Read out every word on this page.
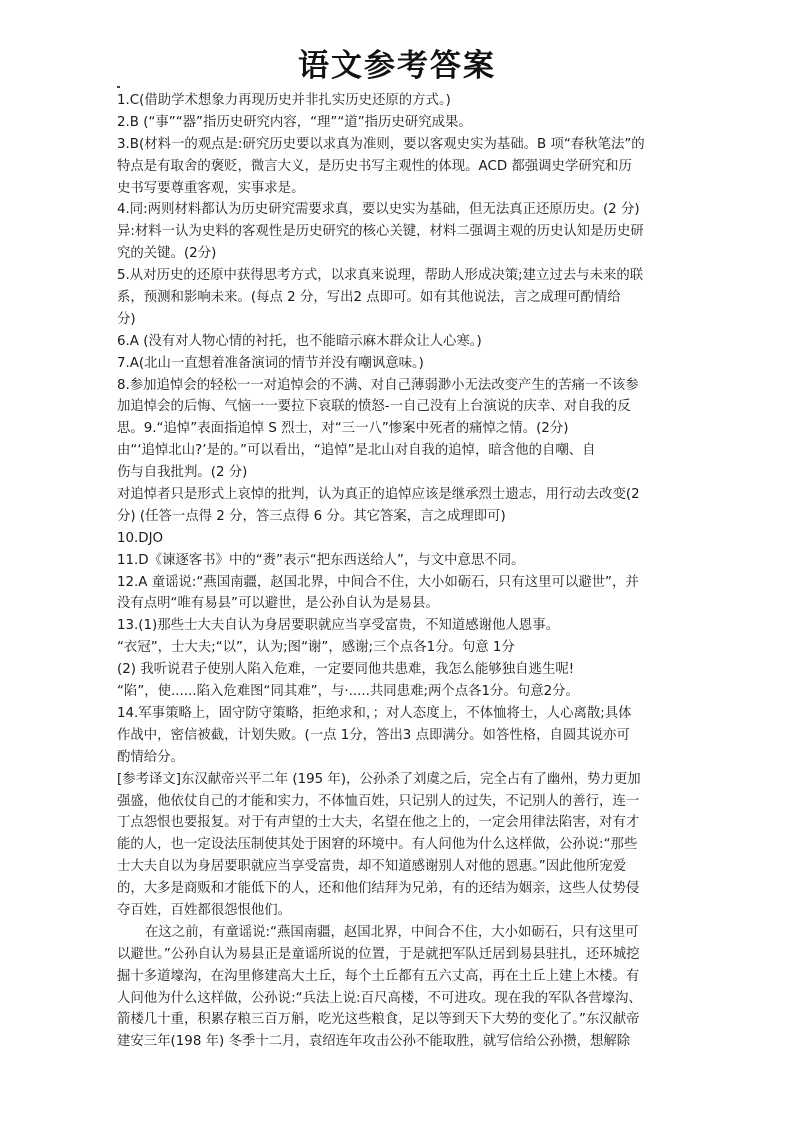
语文参考答案
1.C(借助学术想象力再现历史并非扎实历史还原的方式。)
2.B (“事”“器”指历史研究内容，“理”“道”指历史研究成果。
3.B(材料一的观点是:研究历史要以求真为准则，要以客观史实为基础。B 项“春秋笔法”的
特点是有取舍的褒贬，微言大义，是历史书写主观性的体现。ACD 都强调史学研究和历
史书写要尊重客观，实事求是。
4.同:两则材料都认为历史研究需要求真，要以史实为基础，但无法真正还原历史。(2 分)
异:材料一认为史料的客观性是历史研究的核心关键，材料二强调主观的历史认知是历史研
究的关键。(2分)
5.从对历史的还原中获得思考方式，以求真来说理，帮助人形成决策;建立过去与未来的联
系，预测和影响未来。(每点 2 分，写出2 点即可。如有其他说法，言之成理可酌情给
分)
6.A (没有对人物心情的衬托，也不能暗示麻木群众让人心寒。)
7.A(北山一直想着准备演词的情节并没有嘲讽意味。)
8.参加追悼会的轻松一一对追悼会的不满、对自己薄弱渺小无法改变产生的苦痛一不该参
加追悼会的后悔、气恼一一要拉下哀联的愤怒-一自己没有上台演说的庆幸、对自我的反
思。9.“追悼”表面指追悼 S 烈士，对“三一八”惨案中死者的痛悼之情。(2分)
由“‘追悼北山?’是的。”可以看出，“追悼”是北山对自我的追悼，暗含他的自嘲、自
伤与自我批判。(2 分)
对追悼者只是形式上哀悼的批判，认为真正的追悼应该是继承烈士遗志，用行动去改变(2
分) (任答一点得 2 分，答三点得 6 分。其它答案，言之成理即可)
10.DJO
11.D《谏逐客书》中的“赉”表示“把东西送给人”，与文中意思不同。
12.A 童谣说:“燕国南疆，赵国北界，中间合不住，大小如砺石，只有这里可以避世”，并
没有点明“唯有易县”可以避世，是公孙自认为是易县。
13.(1)那些士大夫自认为身居要职就应当享受富贵，不知道感谢他人恩事。
“衣冠”，士大夫;“以”，认为;图“谢”，感谢;三个点各1分。句意 1分
(2) 我听说君子使别人陷入危难，一定要同他共患难，我怎么能够独自逃生呢!
“陷”，使......陷入危难图“同其难”，与·.....共同患难;两个点各1分。句意2分。
14.军事策略上，固守防守策略，拒绝求和，；对人态度上，不体恤将士，人心离散;具体
作战中，密信被截，计划失败。(一点 1分，答出3 点即满分。如答性格，自圆其说亦可
酌情给分。
[参考译文]东汉献帝兴平二年 (195 年)，公孙杀了刘虞之后，完全占有了幽州，势力更加
强盛，他依仗自己的才能和实力，不体恤百姓，只记别人的过失，不记别人的善行，连一
丁点怨恨也要报复。对于有声望的士大夫，名望在他之上的，一定会用律法陷害，对有才
能的人，也一定设法压制使其处于困窘的环境中。有人问他为什么这样做，公孙说:“那些
士大夫自以为身居要职就应当享受富贵，却不知道感谢别人对他的恩惠。”因此他所宠爱
的，大多是商贩和才能低下的人，还和他们结拜为兄弟，有的还结为姻亲，这些人仗势侵
夺百姓，百姓都很怨恨他们。
在这之前，有童谣说:“燕国南疆，赵国北界，中间合不住，大小如砺石，只有这里可
以避世。”公孙自认为易县正是童谣所说的位置，于是就把军队迁居到易县驻扎，还环城挖
掘十多道壕沟，在沟里修建高大土丘，每个土丘都有五六丈高，再在土丘上建上木楼。有
人问他为什么这样做，公孙说:“兵法上说:百尺高楼，不可进攻。现在我的军队各营壕沟、
箭楼几十重，积累存粮三百万斛，吃光这些粮食，足以等到天下大势的变化了。”东汉献帝
建安三年(198 年) 冬季十二月，袁绍连年攻击公孙不能取胜，就写信给公孙攒，想解除
